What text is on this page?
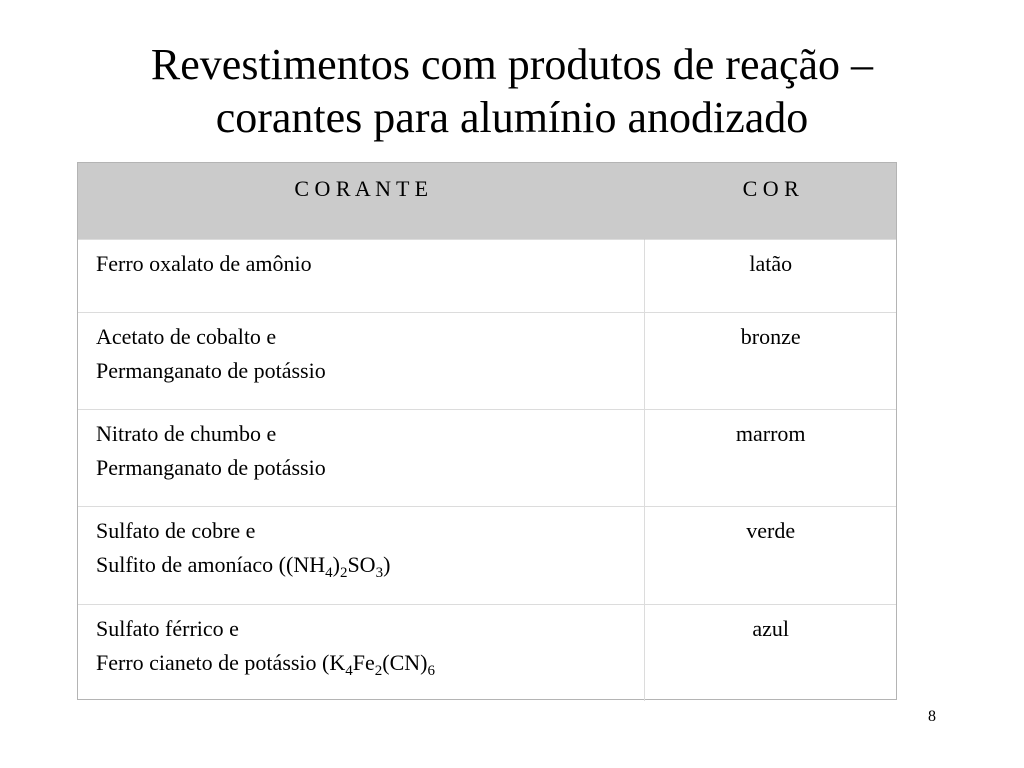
Revestimentos com produtos de reação –
corantes para alumínio anodizado
C O R A N T E	C O R

Ferro oxalato de amônio	latão

Acetato de cobalto e
Permanganato de potássio	bronze

Nitrato de chumbo e
Permanganato de potássio	marrom

Sulfato de cobre e
Sulfito de amoníaco $((NH_4)_2SO_3)$	verde

Sulfato férrico e
Ferro cianeto de potássio ($K_4Fe_2(CN)_6$	azul
8
